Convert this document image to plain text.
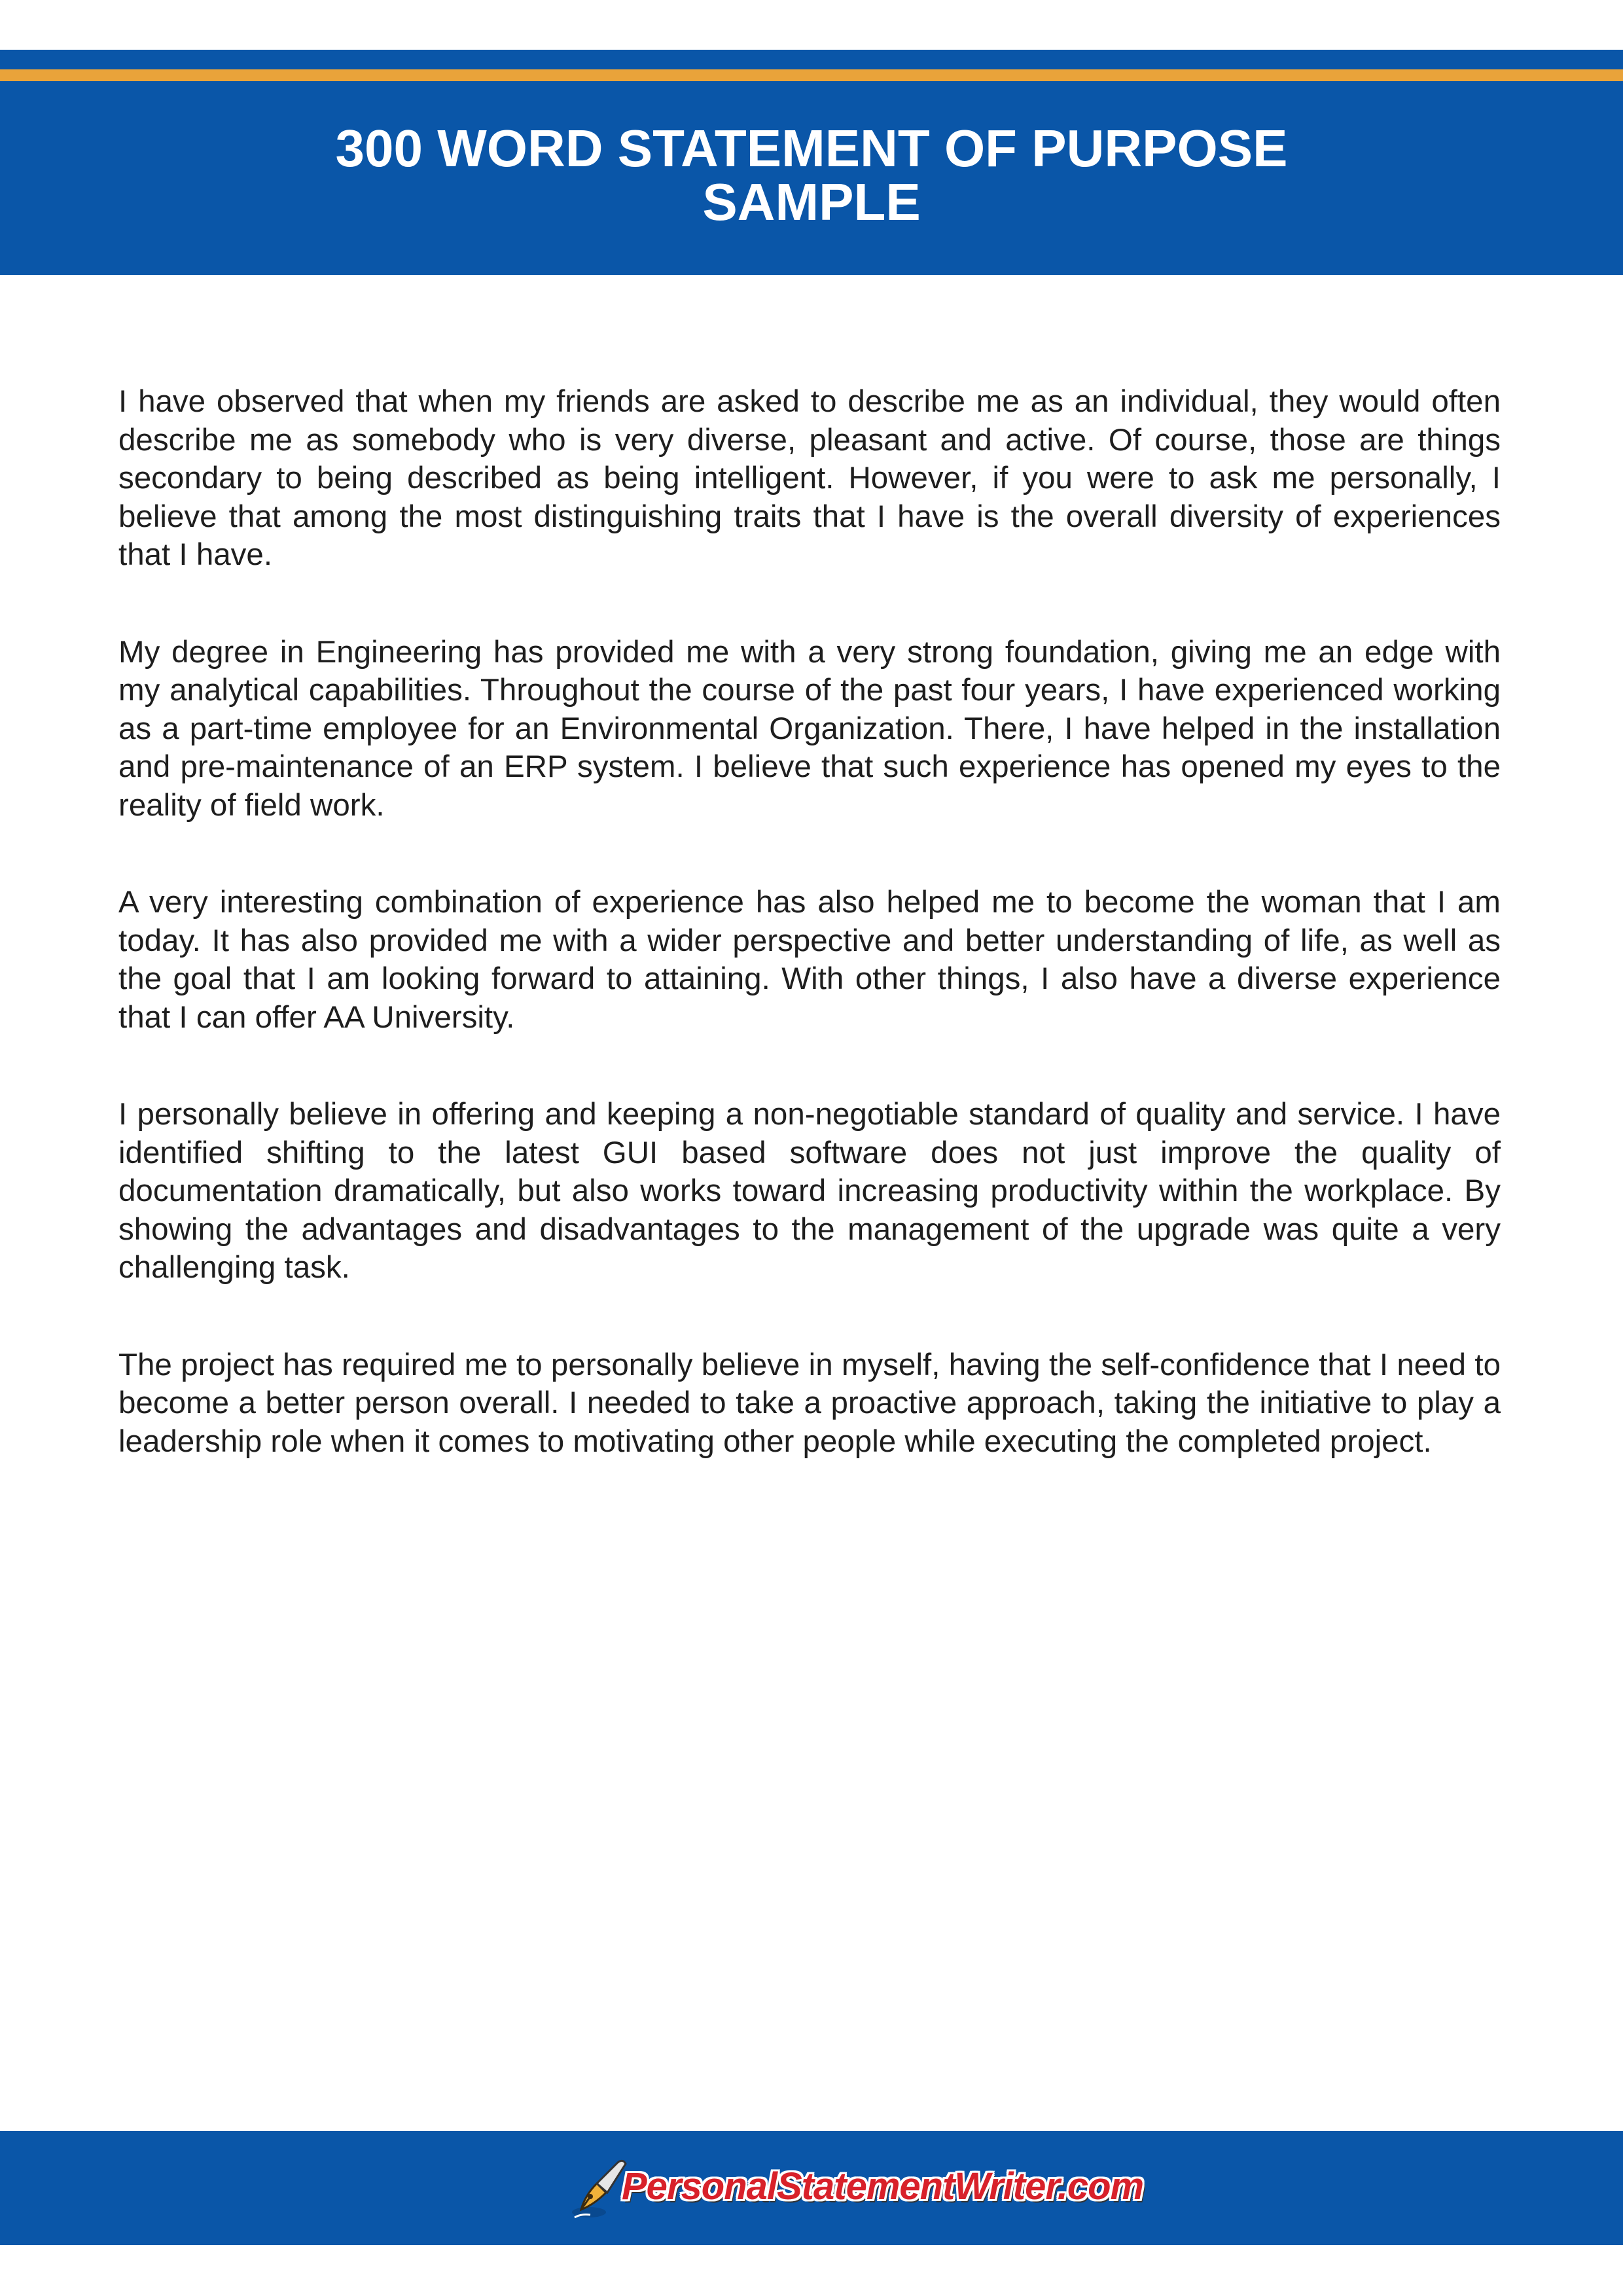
300 WORD STATEMENT OF PURPOSE
SAMPLE

I have observed that when my friends are asked to describe me as an individual, they would often describe me as somebody who is very diverse, pleasant and active. Of course, those are things secondary to being described as being intelligent. However, if you were to ask me personally, I believe that among the most distinguishing traits that I have is the overall diversity of experiences that I have.

My degree in Engineering has provided me with a very strong foundation, giving me an edge with my analytical capabilities. Throughout the course of the past four years, I have experienced working as a part-time employee for an Environmental Organization. There, I have helped in the installation and pre-maintenance of an ERP system. I believe that such experience has opened my eyes to the reality of field work.

A very interesting combination of experience has also helped me to become the woman that I am today. It has also provided me with a wider perspective and better understanding of life, as well as the goal that I am looking forward to attaining. With other things, I also have a diverse experience that I can offer AA University.

I personally believe in offering and keeping a non-negotiable standard of quality and service. I have identified shifting to the latest GUI based software does not just improve the quality of documentation dramatically, but also works toward increasing productivity within the workplace. By showing the advantages and disadvantages to the management of the upgrade was quite a very challenging task.

The project has required me to personally believe in myself, having the self-confidence that I need to become a better person overall. I needed to take a proactive approach, taking the initiative to play a leadership role when it comes to motivating other people while executing the completed project.

PersonalStatementWriter.com
